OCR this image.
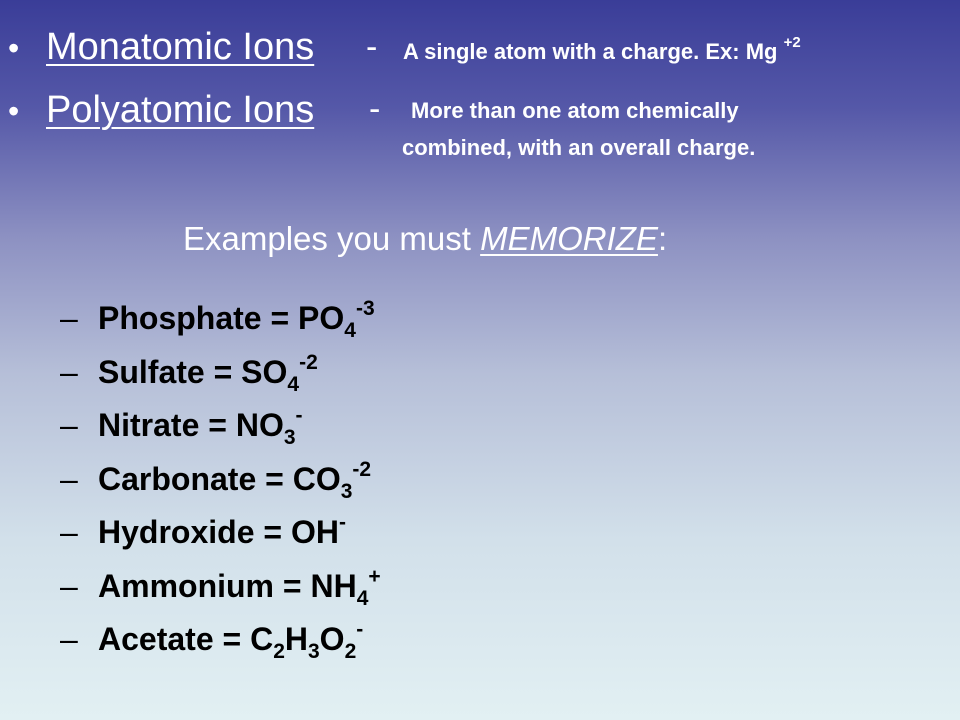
• Monatomic Ions - A single atom with a charge. Ex: Mg $^{+2}$
• Polyatomic Ions - More than one atom chemically
combined, with an overall charge.
Examples you must MEMORIZE:
– Phosphate = $PO_4^{-3}$
– Sulfate = $SO_4^{-2}$
– Nitrate = $NO_3^-$
– Carbonate = $CO_3^{-2}$
– Hydroxide = OH-
– Ammonium = $NH_4^+$
– Acetate = $C_2H_3O_2^-$
